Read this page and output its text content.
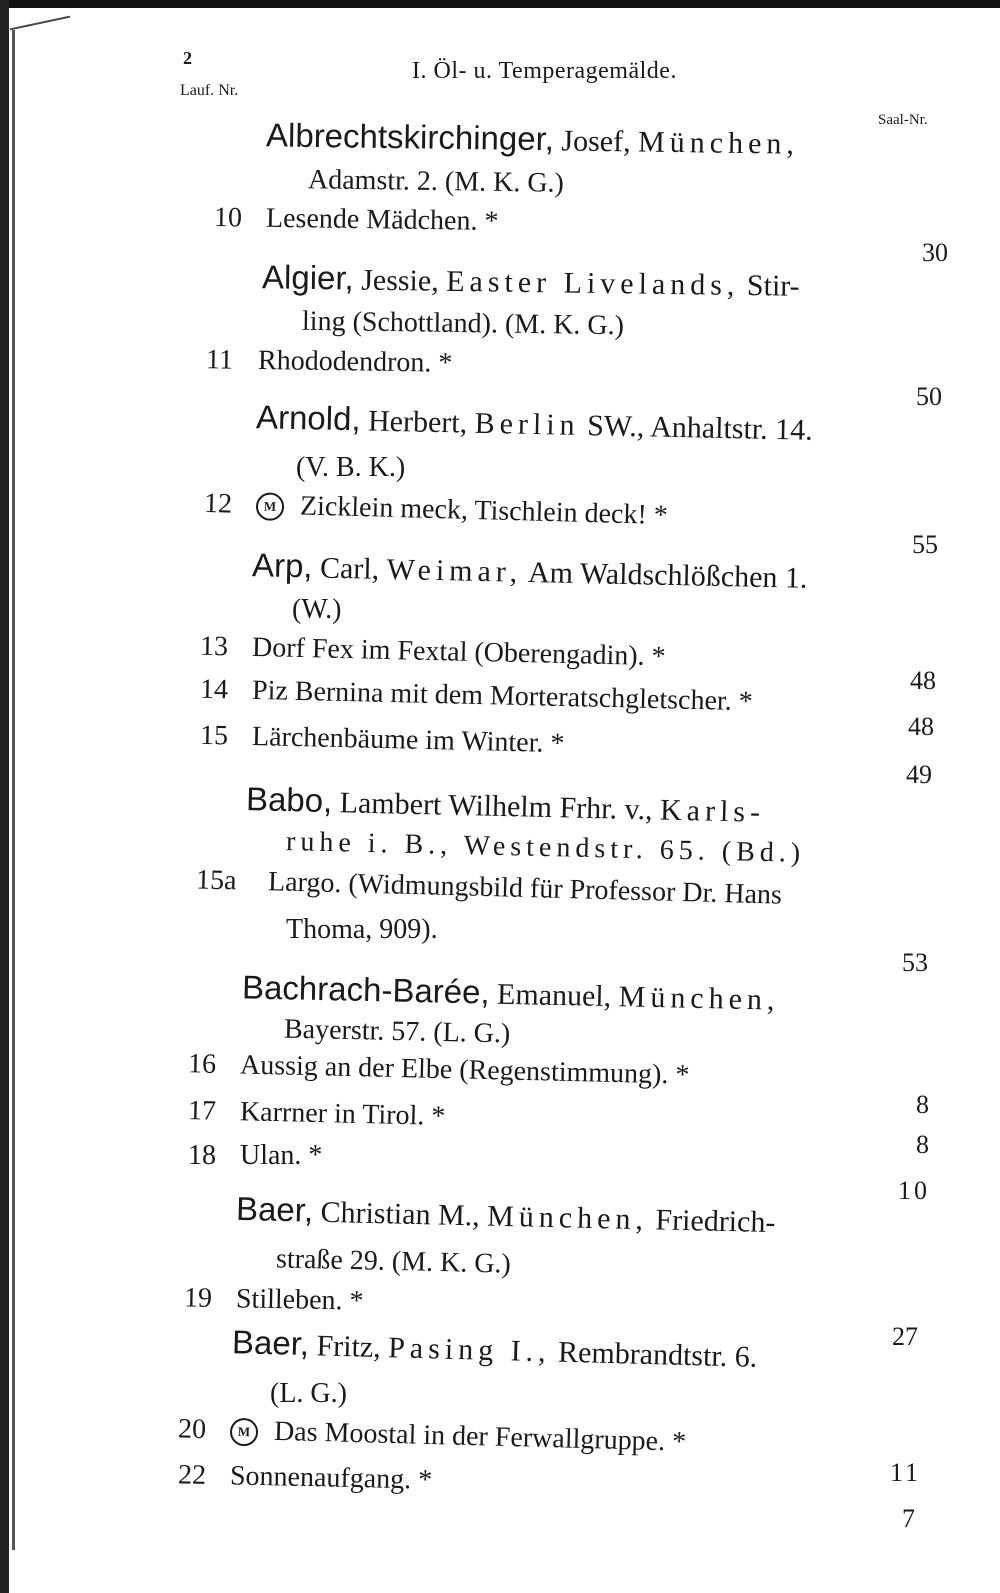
2
Lauf. Nr.
I. Öl- u. Temperagemälde.
Saal-Nr.
Albrechtskirchinger, Josef, München,
Adamstr. 2. (M. K. G.)
10 Lesende Mädchen. *
30
Algier, Jessie, Easter Livelands, Stir-
ling (Schottland). (M. K. G.)
11 Rhododendron. *
50
Arnold, Herbert, Berlin SW., Anhaltstr. 14.
(V. B. K.)
12 M Zicklein meck, Tischlein deck! *
55
Arp, Carl, Weimar, Am Waldschlößchen 1.
(W.)
13 Dorf Fex im Fextal (Oberengadin). *
48
14 Piz Bernina mit dem Morteratschgletscher. *
48
15 Lärchenbäume im Winter. *
49
Babo, Lambert Wilhelm Frhr. v., Karls-
ruhe i. B., Westendstr. 65. (Bd.)
15a Largo. (Widmungsbild für Professor Dr. Hans
Thoma, 909).
53
Bachrach-Barée, Emanuel, München,
Bayerstr. 57. (L. G.)
16 Aussig an der Elbe (Regenstimmung). *
8
17 Karrner in Tirol. *
8
18 Ulan. *
10
Baer, Christian M., München, Friedrich-
straße 29. (M. K. G.)
19 Stilleben. *
27
Baer, Fritz, Pasing I., Rembrandtstr. 6.
(L. G.)
20 M Das Moostal in der Ferwallgruppe. *
11
22 Sonnenaufgang. *
7
